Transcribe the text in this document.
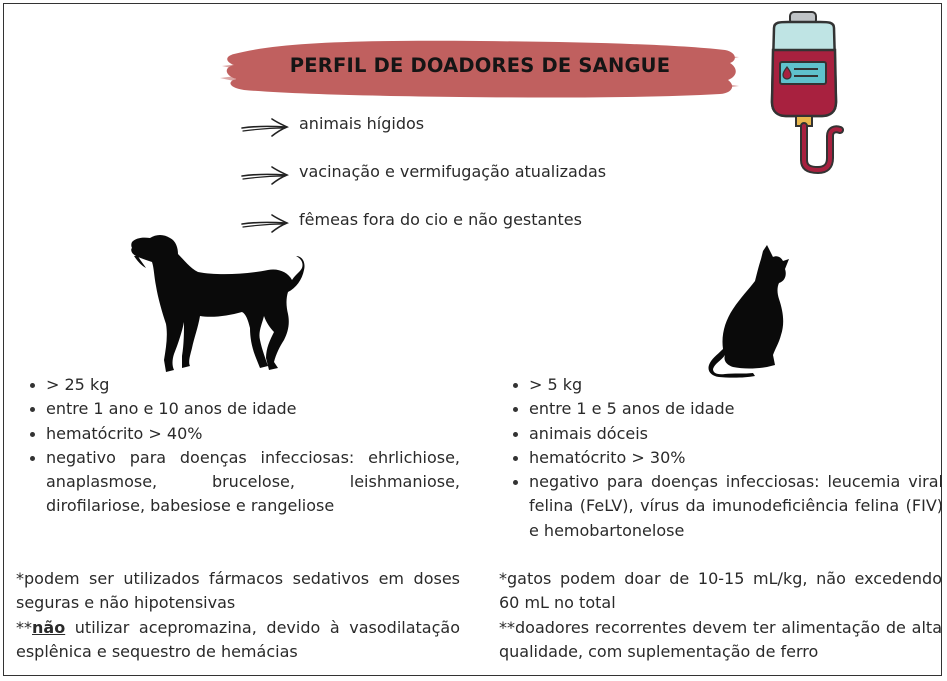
PERFIL DE DOADORES DE SANGUE
animais hígidos
vacinação e vermifugação atualizadas
fêmeas fora do cio e não gestantes
> 25 kg
entre 1 ano e 10 anos de idade
hematócrito > 40%
negativo para doenças infecciosas: ehrlichiose, anaplasmose, brucelose, leishmaniose, dirofilariose, babesiose e rangeliose
> 5 kg
entre 1 e 5 anos de idade
animais dóceis
hematócrito > 30%
negativo para doenças infecciosas: leucemia viral felina (FeLV), vírus da imunodeficiência felina (FIV) e hemobartonelose
*podem ser utilizados fármacos sedativos em doses seguras e não hipotensivas
**não utilizar acepromazina, devido à vasodilatação esplênica e sequestro de hemácias
*gatos podem doar de 10-15 mL/kg, não excedendo 60 mL no total
**doadores recorrentes devem ter alimentação de alta qualidade, com suplementação de ferro
